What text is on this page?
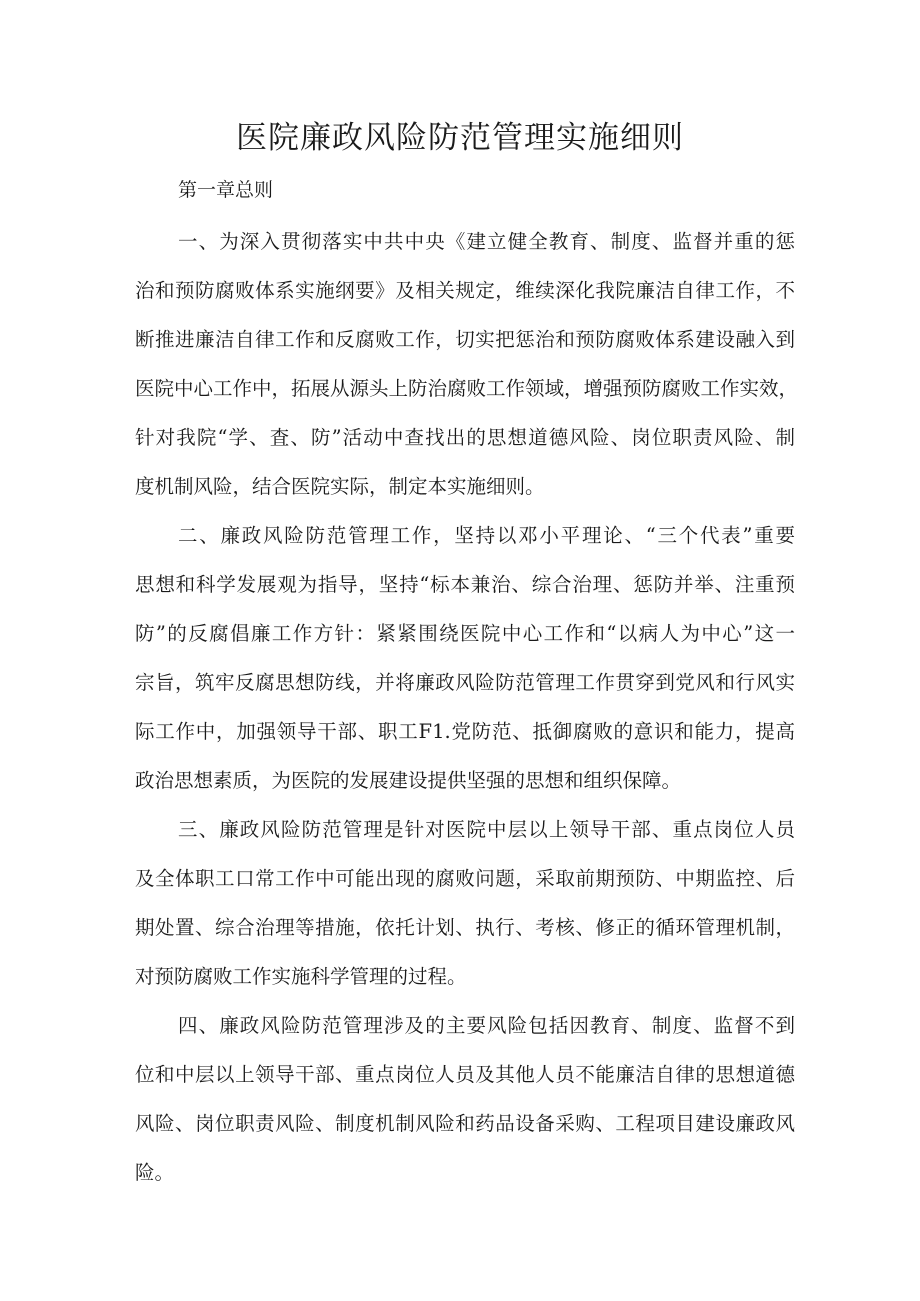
医院廉政风险防范管理实施细则

第一章总则

一、为深入贯彻落实中共中央《建立健全教育、制度、监督并重的惩

治和预防腐败体系实施纲要》及相关规定，维续深化我院廉洁自律工作，不

断推进廉洁自律工作和反腐败工作，切实把惩治和预防腐败体系建设融入到

医院中心工作中，拓展从源头上防治腐败工作领域，增强预防腐败工作实效，

针对我院“学、査、防”活动中查找出的思想道德风险、岗位职责风险、制

度机制风险，结合医院实际，制定本实施细则。

二、廉政风险防范管理工作，坚持以邓小平理论、“三个代表”重要

思想和科学发展观为指导，坚持“标本兼治、综合治理、惩防并举、注重预

防”的反腐倡廉工作方针：紧紧围绕医院中心工作和“以病人为中心”这一

宗旨，筑牢反腐思想防线，并将廉政风险防范管理工作贯穿到党风和行风实

际工作中，加强领导干部、职工F1.党防范、抵御腐败的意识和能力，提高

政治思想素质，为医院的发展建设提供坚强的思想和组织保障。

三、廉政风险防范管理是针对医院中层以上领导干部、重点岗位人员

及全体职工口常工作中可能出现的腐败问题，采取前期预防、中期监控、后

期处置、综合治理等措施，依托计划、执行、考核、修正的循环管理机制，

对预防腐败工作实施科学管理的过程。

四、廉政风险防范管理涉及的主要风险包括因教育、制度、监督不到

位和中层以上领导干部、重点岗位人员及其他人员不能廉洁自律的思想道德

风险、岗位职责风险、制度机制风险和药品设备采购、工程项目建设廉政风

险。
